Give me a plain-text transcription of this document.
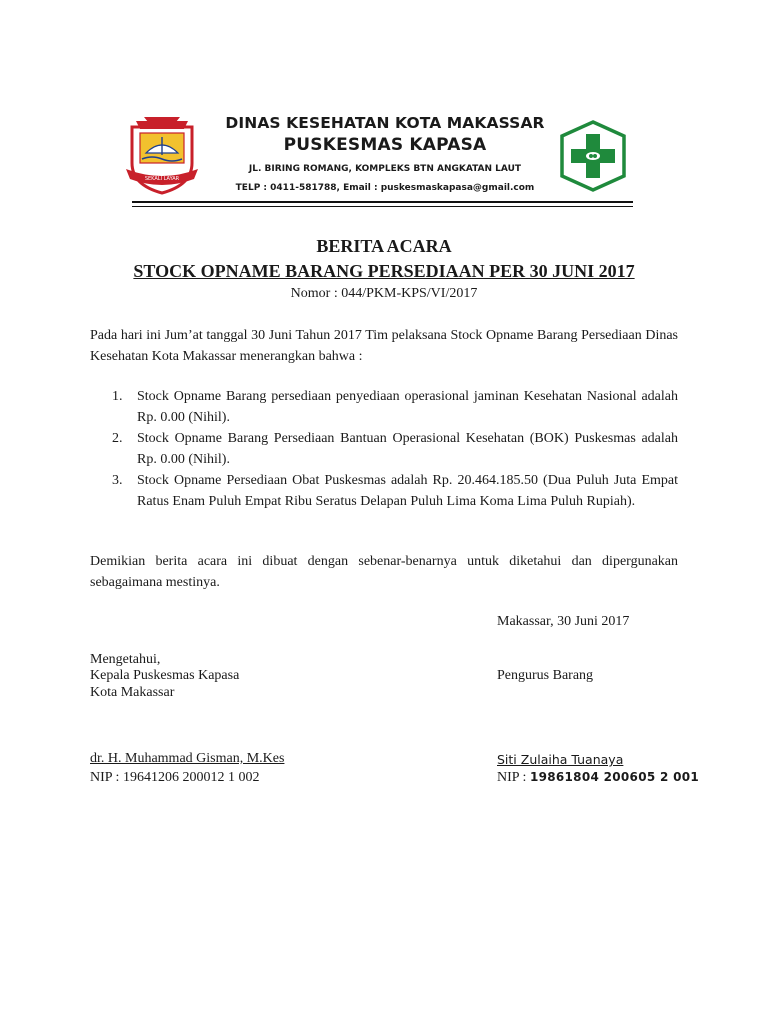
SEKALI LAYAR
DINAS KESEHATAN KOTA MAKASSAR
PUSKESMAS KAPASA
JL. BIRING ROMANG, KOMPLEKS BTN ANGKATAN LAUT
TELP : 0411-581788, Email : puskesmaskapasa@gmail.com
BERITA ACARA
STOCK OPNAME BARANG PERSEDIAAN PER 30 JUNI 2017
Nomor : 044/PKM-KPS/VI/2017
Pada hari ini Jum’at tanggal 30 Juni Tahun 2017 Tim pelaksana Stock Opname Barang Persediaan Dinas Kesehatan Kota Makassar menerangkan bahwa :
1. Stock Opname Barang persediaan penyediaan operasional jaminan Kesehatan Nasional adalah Rp. 0.00 (Nihil).
2. Stock Opname Barang Persediaan Bantuan Operasional Kesehatan (BOK) Puskesmas adalah Rp. 0.00 (Nihil).
3. Stock Opname Persediaan Obat Puskesmas adalah Rp. 20.464.185.50 (Dua Puluh Juta Empat Ratus Enam Puluh Empat Ribu Seratus Delapan Puluh Lima Koma Lima Puluh Rupiah).
Demikian berita acara ini dibuat dengan sebenar-benarnya untuk diketahui dan dipergunakan sebagaimana mestinya.
Makassar, 30 Juni 2017
Mengetahui,
Kepala Puskesmas Kapasa
Kota Makassar
Pengurus Barang
dr. H. Muhammad Gisman, M.Kes
NIP : 19641206 200012 1 002
Siti Zulaiha Tuanaya
NIP : 19861804 200605 2 001
